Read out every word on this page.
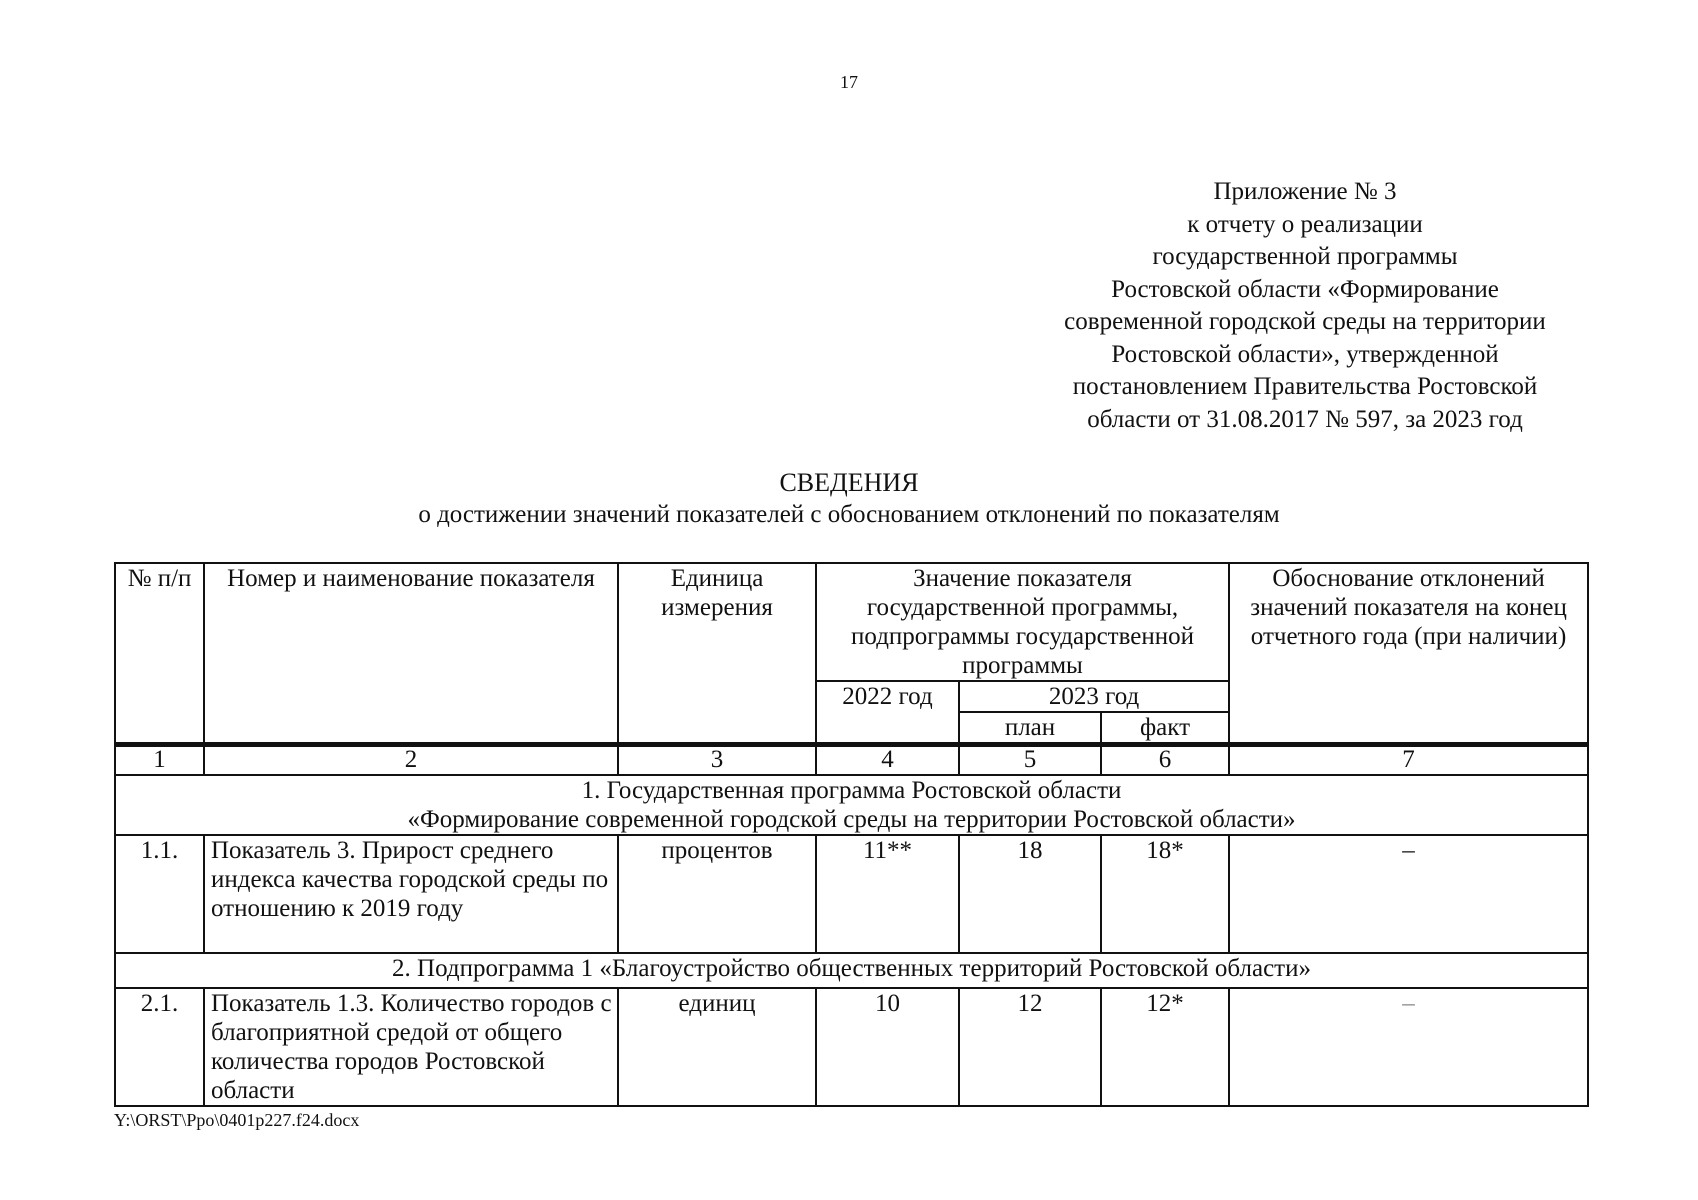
17
Приложение № 3
к отчету о реализации
государственной программы
Ростовской области «Формирование
современной городской среды на территории
Ростовской области», утвержденной
постановлением Правительства Ростовской
области от 31.08.2017 № 597, за 2023 год
СВЕДЕНИЯ
о достижении значений показателей с обоснованием отклонений по показателям
№ п/п	Номер и наименование показателя	Единица измерения	Значение показателя государственной программы, подпрограммы государственной программы			Обоснование отклонений значений показателя на конец отчетного года (при наличии)
			2022 год	2023 год		
				план	факт	
1	2	3	4	5	6	7

1. Государственная программа Ростовской области
«Формирование современной городской среды на территории Ростовской области»						

1.1.	Показатель 3. Прирост среднего индекса качества городской среды по отношению к 2019 году	процентов	11**	18	18*	–
2. Подпрограмма 1 «Благоустройство общественных территорий Ростовской области»						
2.1.	Показатель 1.3. Количество городов с благоприятной средой от общего количества городов Ростовской области	единиц	10	12	12*	–
Y:\ORST\Ppo\0401p227.f24.docx
